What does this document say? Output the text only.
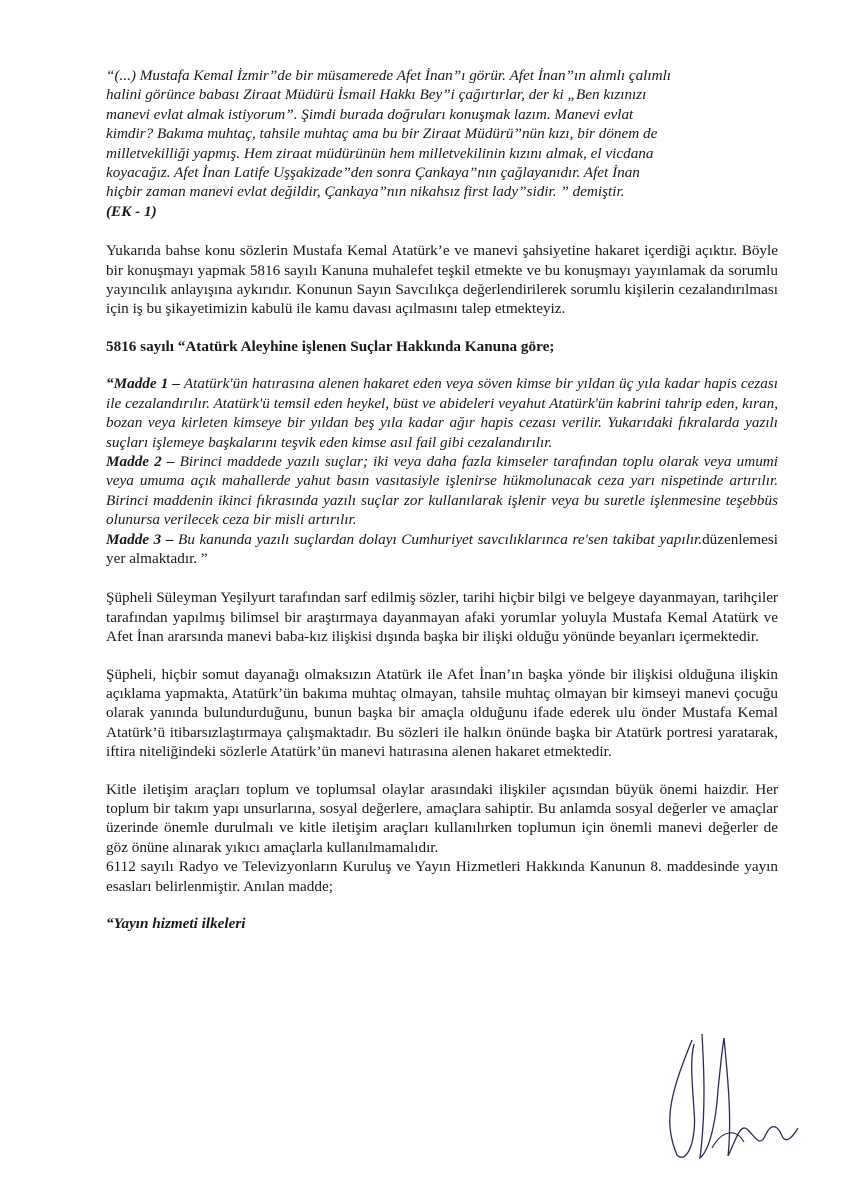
“(...) Mustafa Kemal İzmir”de bir müsamerede Afet İnan”ı görür. Afet İnan”ın alımlı çalımlı

halini görünce babası Ziraat Müdürü İsmail Hakkı Bey”i çağırtırlar, der ki „Ben kızınızı

manevi evlat almak istiyorum”. Şimdi burada doğruları konuşmak lazım. Manevi evlat

kimdir? Bakıma muhtaç, tahsile muhtaç ama bu bir Ziraat Müdürü”nün kızı, bir dönem de

milletvekilliği yapmış. Hem ziraat müdürünün hem milletvekilinin kızını almak, el vicdana

koyacağız. Afet İnan Latife Uşşakizade”den sonra Çankaya”nın çağlayanıdır. Afet İnan

hiçbir zaman manevi evlat değildir, Çankaya”nın nikahsız first lady”sidir. ” demiştir.

(EK - 1)

Yukarıda bahse konu sözlerin Mustafa Kemal Atatürk’e ve manevi şahsiyetine hakaret içerdiği açıktır. Böyle bir konuşmayı yapmak 5816 sayılı Kanuna muhalefet teşkil etmekte ve bu konuşmayı yayınlamak da sorumlu yayıncılık anlayışına aykırıdır. Konunun Sayın Savcılıkça değerlendirilerek sorumlu kişilerin cezalandırılması için iş bu şikayetimizin kabulü ile kamu davası açılmasını talep etmekteyiz.

5816 sayılı “Atatürk Aleyhine işlenen Suçlar Hakkında Kanuna göre;

“Madde 1 – Atatürk'ün hatırasına alenen hakaret eden veya söven kimse bir yıldan üç yıla kadar hapis cezası ile cezalandırılır. Atatürk'ü temsil eden heykel, büst ve abideleri veyahut Atatürk'ün kabrini tahrip eden, kıran, bozan veya kirleten kimseye bir yıldan beş yıla kadar ağır hapis cezası verilir. Yukarıdaki fıkralarda yazılı suçları işlemeye başkalarını teşvik eden kimse asıl fail gibi cezalandırılır.

Madde 2 – Birinci maddede yazılı suçlar; iki veya daha fazla kimseler tarafından toplu olarak veya umumi veya umuma açık mahallerde yahut basın vasıtasiyle işlenirse hükmolunacak ceza yarı nispetinde artırılır. Birinci maddenin ikinci fıkrasında yazılı suçlar zor kullanılarak işlenir veya bu suretle işlenmesine teşebbüs olunursa verilecek ceza bir misli artırılır.

Madde 3 – Bu kanunda yazılı suçlardan dolayı Cumhuriyet savcılıklarınca re'sen takibat yapılır.düzenlemesi yer almaktadır. ”

Şüpheli Süleyman Yeşilyurt tarafından sarf edilmiş sözler, tarihi hiçbir bilgi ve belgeye dayanmayan, tarihçiler tarafından yapılmış bilimsel bir araştırmaya dayanmayan afaki yorumlar yoluyla Mustafa Kemal Atatürk ve Afet İnan ararsında manevi baba-kız ilişkisi dışında başka bir ilişki olduğu yönünde beyanları içermektedir.

Şüpheli, hiçbir somut dayanağı olmaksızın Atatürk ile Afet İnan’ın başka yönde bir ilişkisi olduğuna ilişkin açıklama yapmakta, Atatürk’ün bakıma muhtaç olmayan, tahsile muhtaç olmayan bir kimseyi manevi çocuğu olarak yanında bulundurduğunu, bunun başka bir amaçla olduğunu ifade ederek ulu önder Mustafa Kemal Atatürk’ü itibarsızlaştırmaya çalışmaktadır. Bu sözleri ile halkın önünde başka bir Atatürk portresi yaratarak, iftira niteliğindeki sözlerle Atatürk’ün manevi hatırasına alenen hakaret etmektedir.

Kitle iletişim araçları toplum ve toplumsal olaylar arasındaki ilişkiler açısından büyük önemi haizdir. Her toplum bir takım yapı unsurlarına, sosyal değerlere, amaçlara sahiptir. Bu anlamda sosyal değerler ve amaçlar üzerinde önemle durulmalı ve kitle iletişim araçları kullanılırken toplumun için önemli manevi değerler de göz önüne alınarak yıkıcı amaçlarla kullanılmamalıdır.

6112 sayılı Radyo ve Televizyonların Kuruluş ve Yayın Hizmetleri Hakkında Kanunun 8. maddesinde yayın esasları belirlenmiştir. Anılan madde;

“Yayın hizmeti ilkeleri
